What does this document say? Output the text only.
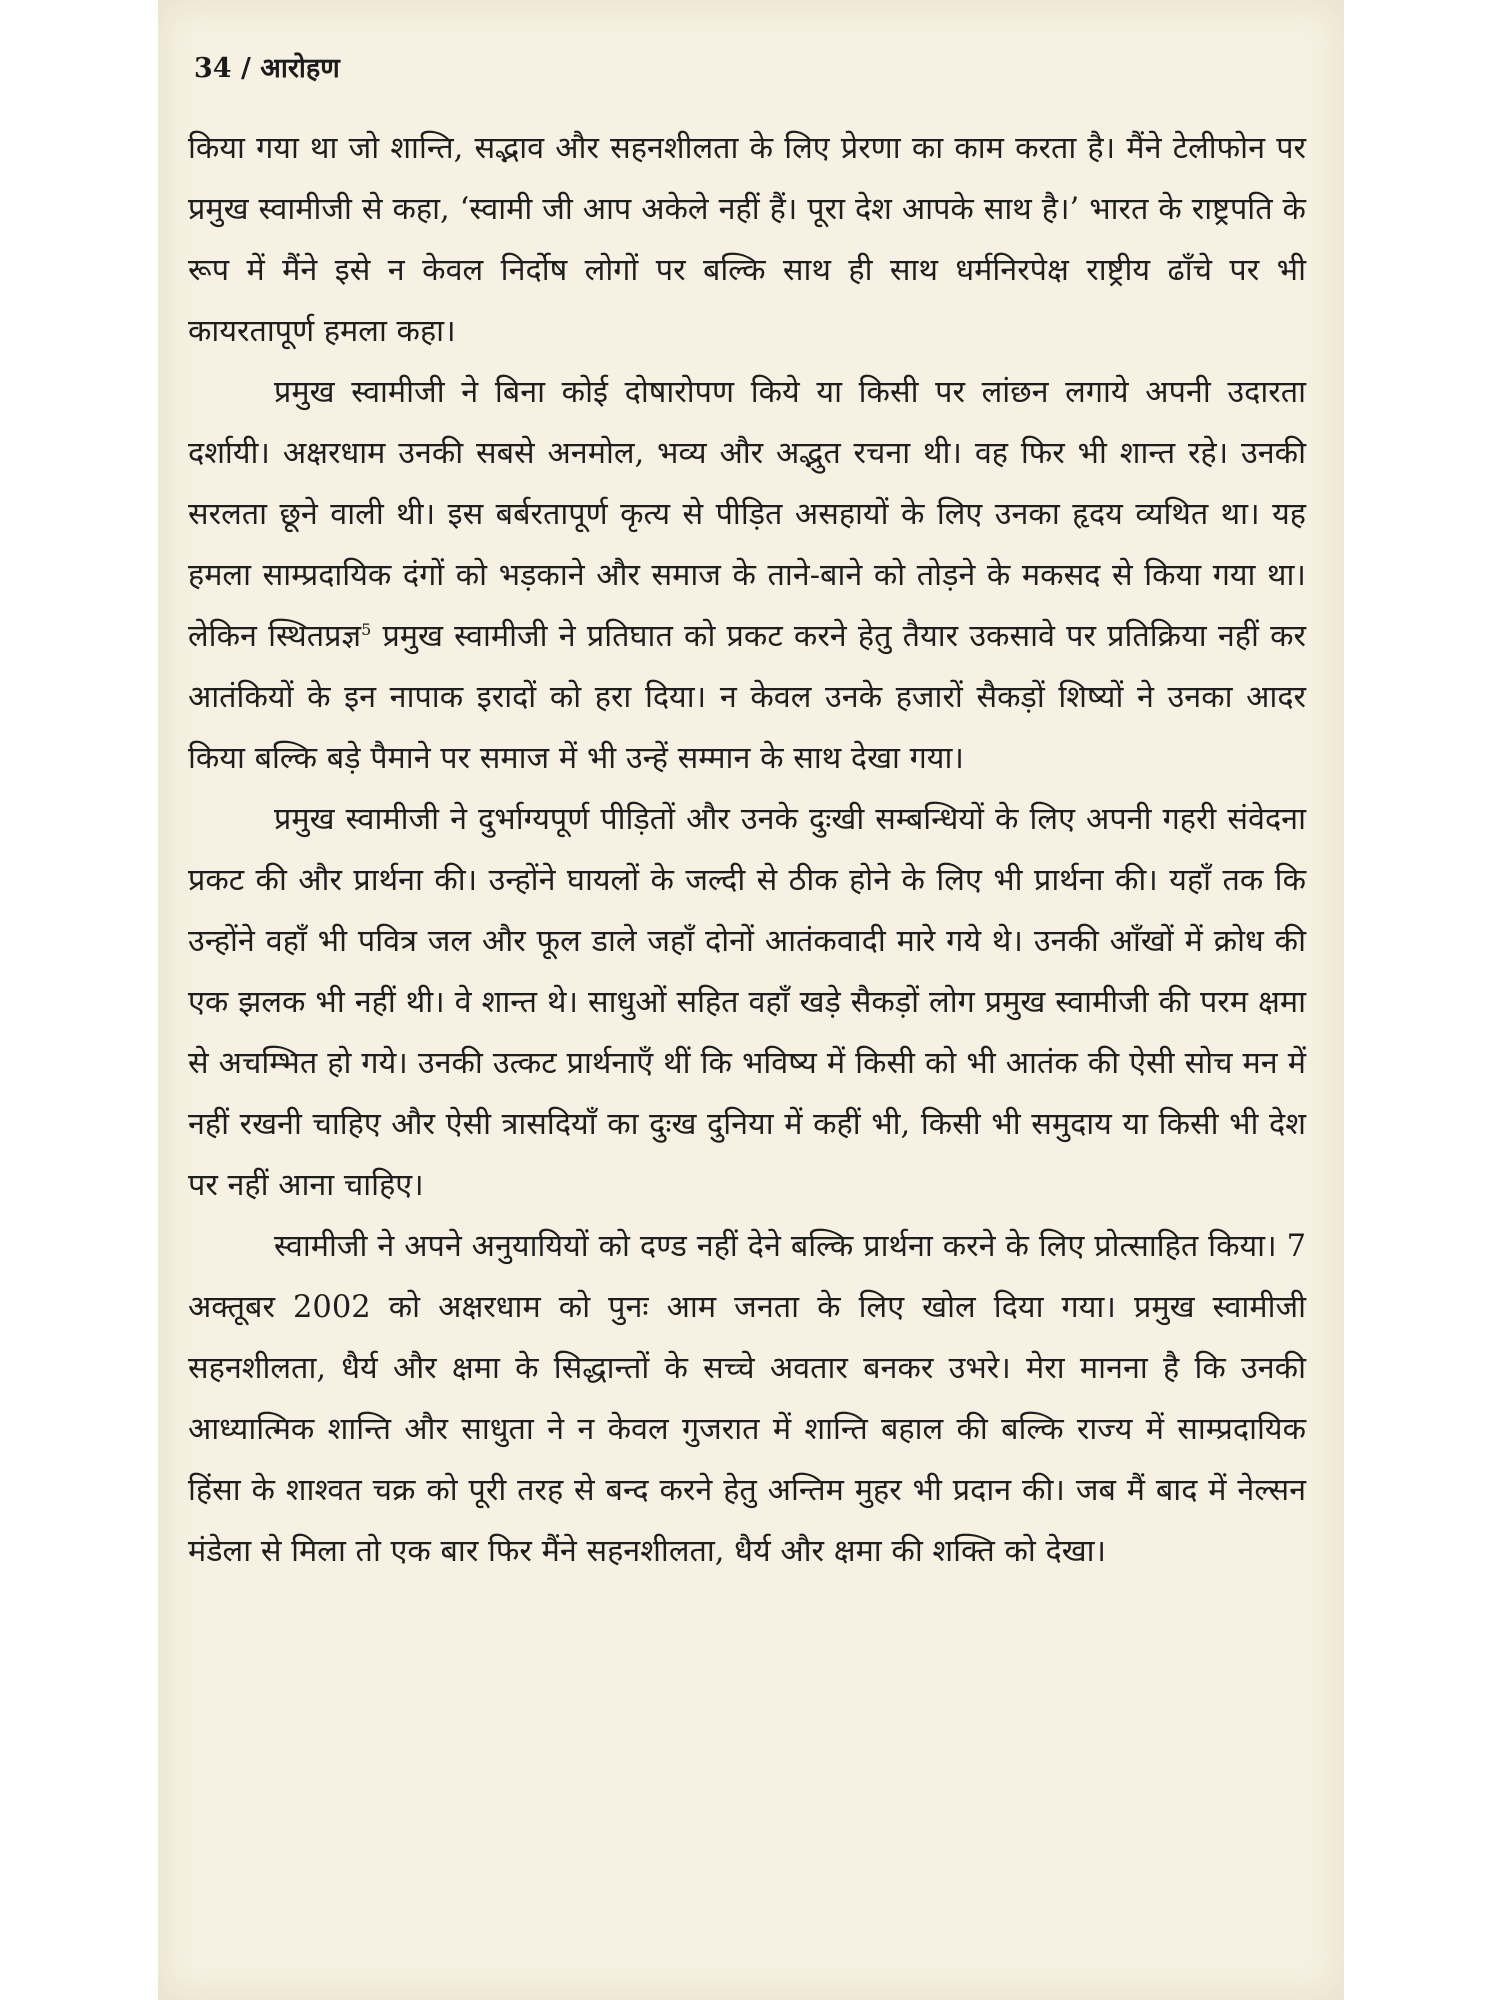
34 / आरोहण

किया गया था जो शान्ति, सद्भाव और सहनशीलता के लिए प्रेरणा का काम करता है। मैंने टेलीफोन पर प्रमुख स्वामीजी से कहा, ‘स्वामी जी आप अकेले नहीं हैं। पूरा देश आपके साथ है।’ भारत के राष्ट्रपति के रूप में मैंने इसे न केवल निर्दोष लोगों पर बल्कि साथ ही साथ धर्मनिरपेक्ष राष्ट्रीय ढाँचे पर भी कायरतापूर्ण हमला कहा।

प्रमुख स्वामीजी ने बिना कोई दोषारोपण किये या किसी पर लांछन लगाये अपनी उदारता दर्शायी। अक्षरधाम उनकी सबसे अनमोल, भव्य और अद्भुत रचना थी। वह फिर भी शान्त रहे। उनकी सरलता छूने वाली थी। इस बर्बरतापूर्ण कृत्य से पीड़ित असहायों के लिए उनका हृदय व्यथित था। यह हमला साम्प्रदायिक दंगों को भड़काने और समाज के ताने-बाने को तोड़ने के मकसद से किया गया था। लेकिन स्थितप्रज्ञ$^5$ प्रमुख स्वामीजी ने प्रतिघात को प्रकट करने हेतु तैयार उकसावे पर प्रतिक्रिया नहीं कर आतंकियों के इन नापाक इरादों को हरा दिया। न केवल उनके हजारों सैकड़ों शिष्यों ने उनका आदर किया बल्कि बड़े पैमाने पर समाज में भी उन्हें सम्मान के साथ देखा गया।

प्रमुख स्वामीजी ने दुर्भाग्यपूर्ण पीड़ितों और उनके दुःखी सम्बन्धियों के लिए अपनी गहरी संवेदना प्रकट की और प्रार्थना की। उन्होंने घायलों के जल्दी से ठीक होने के लिए भी प्रार्थना की। यहाँ तक कि उन्होंने वहाँ भी पवित्र जल और फूल डाले जहाँ दोनों आतंकवादी मारे गये थे। उनकी आँखों में क्रोध की एक झलक भी नहीं थी। वे शान्त थे। साधुओं सहित वहाँ खड़े सैकड़ों लोग प्रमुख स्वामीजी की परम क्षमा से अचम्भित हो गये। उनकी उत्कट प्रार्थनाएँ थीं कि भविष्य में किसी को भी आतंक की ऐसी सोच मन में नहीं रखनी चाहिए और ऐसी त्रासदियाँ का दुःख दुनिया में कहीं भी, किसी भी समुदाय या किसी भी देश पर नहीं आना चाहिए।

स्वामीजी ने अपने अनुयायियों को दण्ड नहीं देने बल्कि प्रार्थना करने के लिए प्रोत्साहित किया। 7 अक्तूबर 2002 को अक्षरधाम को पुनः आम जनता के लिए खोल दिया गया। प्रमुख स्वामीजी सहनशीलता, धैर्य और क्षमा के सिद्धान्तों के सच्चे अवतार बनकर उभरे। मेरा मानना है कि उनकी आध्यात्मिक शान्ति और साधुता ने न केवल गुजरात में शान्ति बहाल की बल्कि राज्य में साम्प्रदायिक हिंसा के शाश्वत चक्र को पूरी तरह से बन्द करने हेतु अन्तिम मुहर भी प्रदान की। जब मैं बाद में नेल्सन मंडेला से मिला तो एक बार फिर मैंने सहनशीलता, धैर्य और क्षमा की शक्ति को देखा।
